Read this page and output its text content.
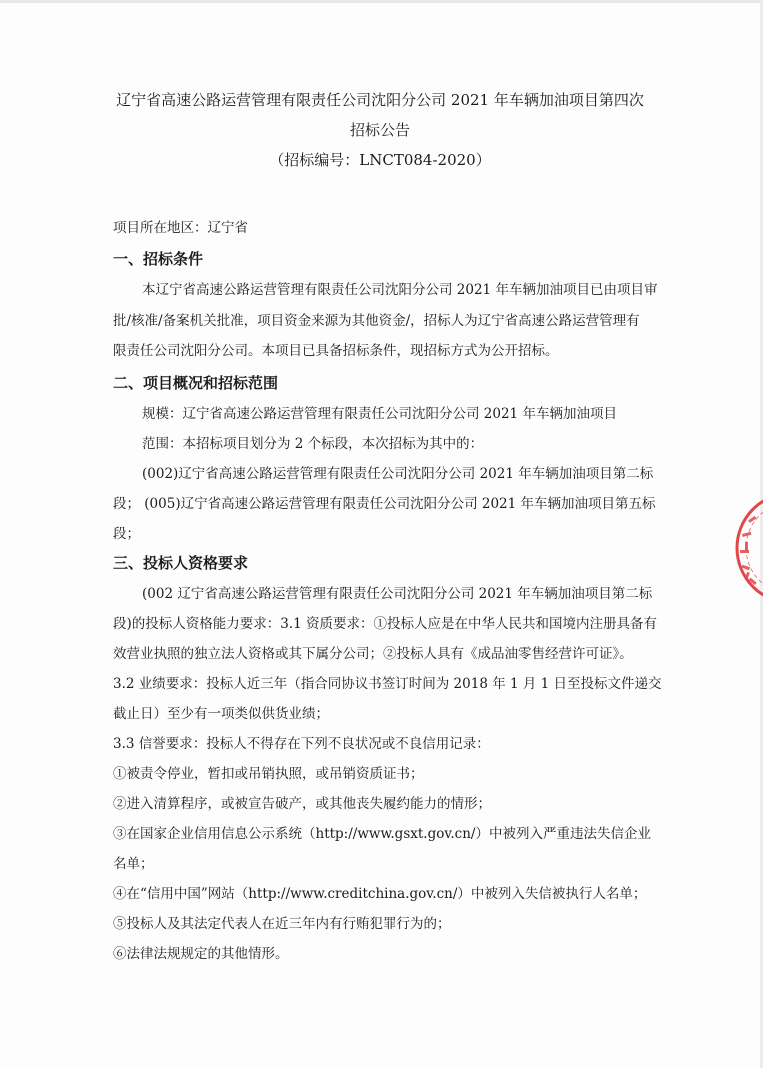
辽宁省高速公路运营管理有限责任公司沈阳分公司 2021 年车辆加油项目第四次
招标公告
（招标编号：LNCT084-2020）
项目所在地区：辽宁省
一、招标条件
本辽宁省高速公路运营管理有限责任公司沈阳分公司 2021 年车辆加油项目已由项目审
批/核准/备案机关批准，项目资金来源为其他资金/，招标人为辽宁省高速公路运营管理有
限责任公司沈阳分公司。本项目已具备招标条件，现招标方式为公开招标。
二、项目概况和招标范围
规模：辽宁省高速公路运营管理有限责任公司沈阳分公司 2021 年车辆加油项目
范围：本招标项目划分为 2 个标段，本次招标为其中的：
(002)辽宁省高速公路运营管理有限责任公司沈阳分公司 2021 年车辆加油项目第二标
段； (005)辽宁省高速公路运营管理有限责任公司沈阳分公司 2021 年车辆加油项目第五标
段；
三、投标人资格要求
(002 辽宁省高速公路运营管理有限责任公司沈阳分公司 2021 年车辆加油项目第二标
段)的投标人资格能力要求：3.1 资质要求：①投标人应是在中华人民共和国境内注册具备有
效营业执照的独立法人资格或其下属分公司；②投标人具有《成品油零售经营许可证》。
3.2 业绩要求：投标人近三年（指合同协议书签订时间为 2018 年 1 月 1 日至投标文件递交
截止日）至少有一项类似供货业绩；
3.3 信誉要求：投标人不得存在下列不良状况或不良信用记录：
①被责令停业，暂扣或吊销执照，或吊销资质证书；
②进入清算程序，或被宣告破产，或其他丧失履约能力的情形；
③在国家企业信用信息公示系统（http://www.gsxt.gov.cn/）中被列入严重违法失信企业
名单；
④在“信用中国”网站（http://www.creditchina.gov.cn/）中被列入失信被执行人名单；
⑤投标人及其法定代表人在近三年内有行贿犯罪行为的；
⑥法律法规规定的其他情形。
